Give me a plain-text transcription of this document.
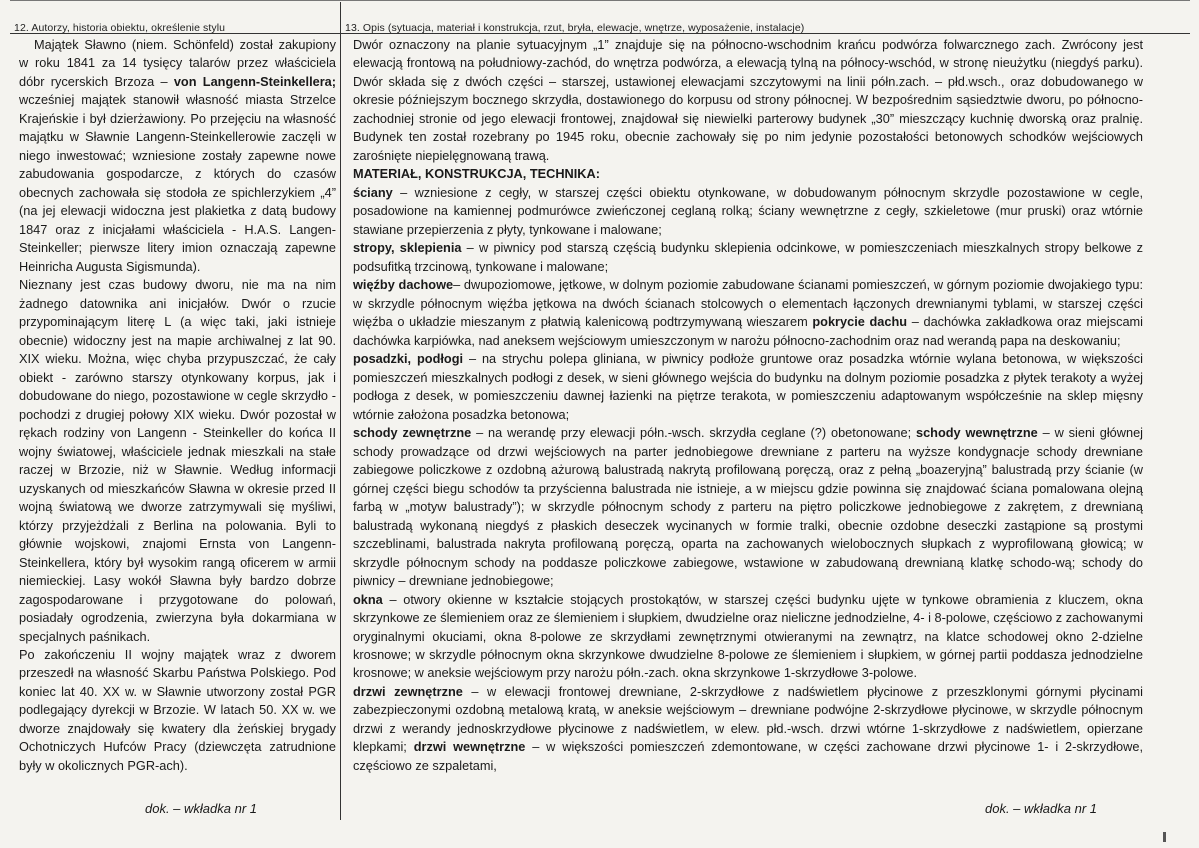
12. Autorzy, historia obiektu, określenie stylu	13. Opis (sytuacja, materiał i konstrukcja, rzut, bryła, elewacje, wnętrze, wyposażenie, instalacje)

Majątek Sławno (niem. Schönfeld) został zakupiony w roku 1841 za 14 tysięcy talarów przez właściciela dóbr rycerskich Brzoza – von Langenn-Steinkellera; wcześniej majątek stanowił własność miasta Strzelce Krajeńskie i był dzierżawiony. Po przejęciu na własność majątku w Sławnie Langenn-Steinkellerowie zaczęli w niego inwestować; wzniesione zostały zapewne nowe zabudowania gospodarcze, z których do czasów obecnych zachowała się stodoła ze spichlerzykiem „4” (na jej elewacji widoczna jest plakietka z datą budowy 1847 oraz z inicjałami właściciela - H.A.S. Langen-Steinkeller; pierwsze litery imion oznaczają zapewne Heinricha Augusta Sigismunda).

Nieznany jest czas budowy dworu, nie ma na nim żadnego datownika ani inicjałów. Dwór o rzucie przypominającym literę L (a więc taki, jaki istnieje obecnie) widoczny jest na mapie archiwalnej z lat 90. XIX wieku. Można, więc chyba przypuszczać, że cały obiekt - zarówno starszy otynkowany korpus, jak i dobudowane do niego, pozostawione w cegle skrzydło - pochodzi z drugiej połowy XIX wieku. Dwór pozostał w rękach rodziny von Langenn - Steinkeller do końca II wojny światowej, właściciele jednak mieszkali na stałe raczej w Brzozie, niż w Sławnie. Według informacji uzyskanych od mieszkańców Sławna w okresie przed II wojną światową we dworze zatrzymywali się myśliwi, którzy przyjeżdżali z Berlina na polowania. Byli to głównie wojskowi, znajomi Ernsta von Langenn-Steinkellera, który był wysokim rangą oficerem w armii niemieckiej. Lasy wokół Sławna były bardzo dobrze zagospodarowane i przygotowane do polowań, posiadały ogrodzenia, zwierzyna była dokarmiana w specjalnych paśnikach.

Po zakończeniu II wojny majątek wraz z dworem przeszedł na własność Skarbu Państwa Polskiego. Pod koniec lat 40. XX w. w Sławnie utworzony został PGR podlegający dyrekcji w Brzozie. W latach 50. XX w. we dworze znajdowały się kwatery dla żeńskiej brygady Ochotniczych Hufców Pracy (dziewczęta zatrudnione były w okolicznych PGR-ach).

dok. – wkładka nr 1

Dwór oznaczony na planie sytuacyjnym „1” znajduje się na północno-wschodnim krańcu podwórza folwarcznego zach. Zwrócony jest elewacją frontową na południowy-zachód, do wnętrza podwórza, a elewacją tylną na północy-wschód, w stronę nieużytku (niegdyś parku). Dwór składa się z dwóch części – starszej, ustawionej elewacjami szczytowymi na linii półn.zach. – płd.wsch., oraz dobudowanego w okresie późniejszym bocznego skrzydła, dostawionego do korpusu od strony północnej. W bezpośrednim sąsiedztwie dworu, po północno-zachodniej stronie od jego elewacji frontowej, znajdował się niewielki parterowy budynek „30” mieszczący kuchnię dworską oraz pralnię. Budynek ten został rozebrany po 1945 roku, obecnie zachowały się po nim jedynie pozostałości betonowych schodków wejściowych zarośnięte niepielęgnowaną trawą.

MATERIAŁ, KONSTRUKCJA, TECHNIKA:

ściany – wzniesione z cegły, w starszej części obiektu otynkowane, w dobudowanym północnym skrzydle pozostawione w cegle, posadowione na kamiennej podmurówce zwieńczonej ceglaną rolką; ściany wewnętrzne z cegły, szkieletowe (mur pruski) oraz wtórnie stawiane przepierzenia z płyty, tynkowane i malowane;

stropy, sklepienia – w piwnicy pod starszą częścią budynku sklepienia odcinkowe, w pomieszczeniach mieszkalnych stropy belkowe z podsufitką trzcinową, tynkowane i malowane;

więźby dachowe– dwupoziomowe, jętkowe, w dolnym poziomie zabudowane ścianami pomieszczeń, w górnym poziomie dwojakiego typu: w skrzydle północnym więźba jętkowa na dwóch ścianach stolcowych o elementach łączonych drewnianymi tyblami, w starszej części więźba o układzie mieszanym z płatwią kalenicową podtrzymywaną wieszarem pokrycie dachu – dachówka zakładkowa oraz miejscami dachówka karpiówka, nad aneksem wejściowym umieszczonym w narożu północno-zachodnim oraz nad werandą papa na deskowaniu;

posadzki, podłogi – na strychu polepa gliniana, w piwnicy podłoże gruntowe oraz posadzka wtórnie wylana betonowa, w większości pomieszczeń mieszkalnych podłogi z desek, w sieni głównego wejścia do budynku na dolnym poziomie posadzka z płytek terakoty a wyżej podłoga z desek, w pomieszczeniu dawnej łazienki na piętrze terakota, w pomieszczeniu adaptowanym współcześnie na sklep mięsny wtórnie założona posadzka betonowa;

schody zewnętrzne – na werandę przy elewacji półn.-wsch. skrzydła ceglane (?) obetonowane; schody wewnętrzne – w sieni głównej schody prowadzące od drzwi wejściowych na parter jednobiegowe drewniane z parteru na wyższe kondygnacje schody drewniane zabiegowe policzkowe z ozdobną ażurową balustradą nakrytą profilowaną poręczą, oraz z pełną „boazeryjną” balustradą przy ścianie (w górnej części biegu schodów ta przyścienna balustrada nie istnieje, a w miejscu gdzie powinna się znajdować ściana pomalowana olejną farbą w „motyw balustrady”); w skrzydle północnym schody z parteru na piętro policzkowe jednobiegowe z zakrętem, z drewnianą balustradą wykonaną niegdyś z płaskich deseczek wycinanych w formie tralki, obecnie ozdobne deseczki zastąpione są prostymi szczeblinami, balustrada nakryta profilowaną poręczą, oparta na zachowanych wielobocznych słupkach z wyprofilowaną głowicą; w skrzydle północnym schody na poddasze policzkowe zabiegowe, wstawione w zabudowaną drewnianą klatkę schodo-wą; schody do piwnicy – drewniane jednobiegowe;

okna – otwory okienne w kształcie stojących prostokątów, w starszej części budynku ujęte w tynkowe obramienia z kluczem, okna skrzynkowe ze ślemieniem oraz ze ślemieniem i słupkiem, dwudzielne oraz nieliczne jednodzielne, 4- i 8-polowe, częściowo z zachowanymi oryginalnymi okuciami, okna 8-polowe ze skrzydłami zewnętrznymi otwieranymi na zewnątrz, na klatce schodowej okno 2-dzielne krosnowe; w skrzydle północnym okna skrzynkowe dwudzielne 8-polowe ze ślemieniem i słupkiem, w górnej partii poddasza jednodzielne krosnowe; w aneksie wejściowym przy narożu półn.-zach. okna skrzynkowe 1-skrzydłowe 3-polowe.

drzwi zewnętrzne – w elewacji frontowej drewniane, 2-skrzydłowe z nadświetlem płycinowe z przeszklonymi górnymi płycinami zabezpieczonymi ozdobną metalową kratą, w aneksie wejściowym – drewniane podwójne 2-skrzydłowe płycinowe, w skrzydle północnym drzwi z werandy jednoskrzydłowe płycinowe z nadświetlem, w elew. płd.-wsch. drzwi wtórne 1-skrzydłowe z nadświetlem, opierzane klepkami; drzwi wewnętrzne – w większości pomieszczeń zdemontowane, w części zachowane drzwi płycinowe 1- i 2-skrzydłowe, częściowo ze szpaletami,

dok. – wkładka nr 1
